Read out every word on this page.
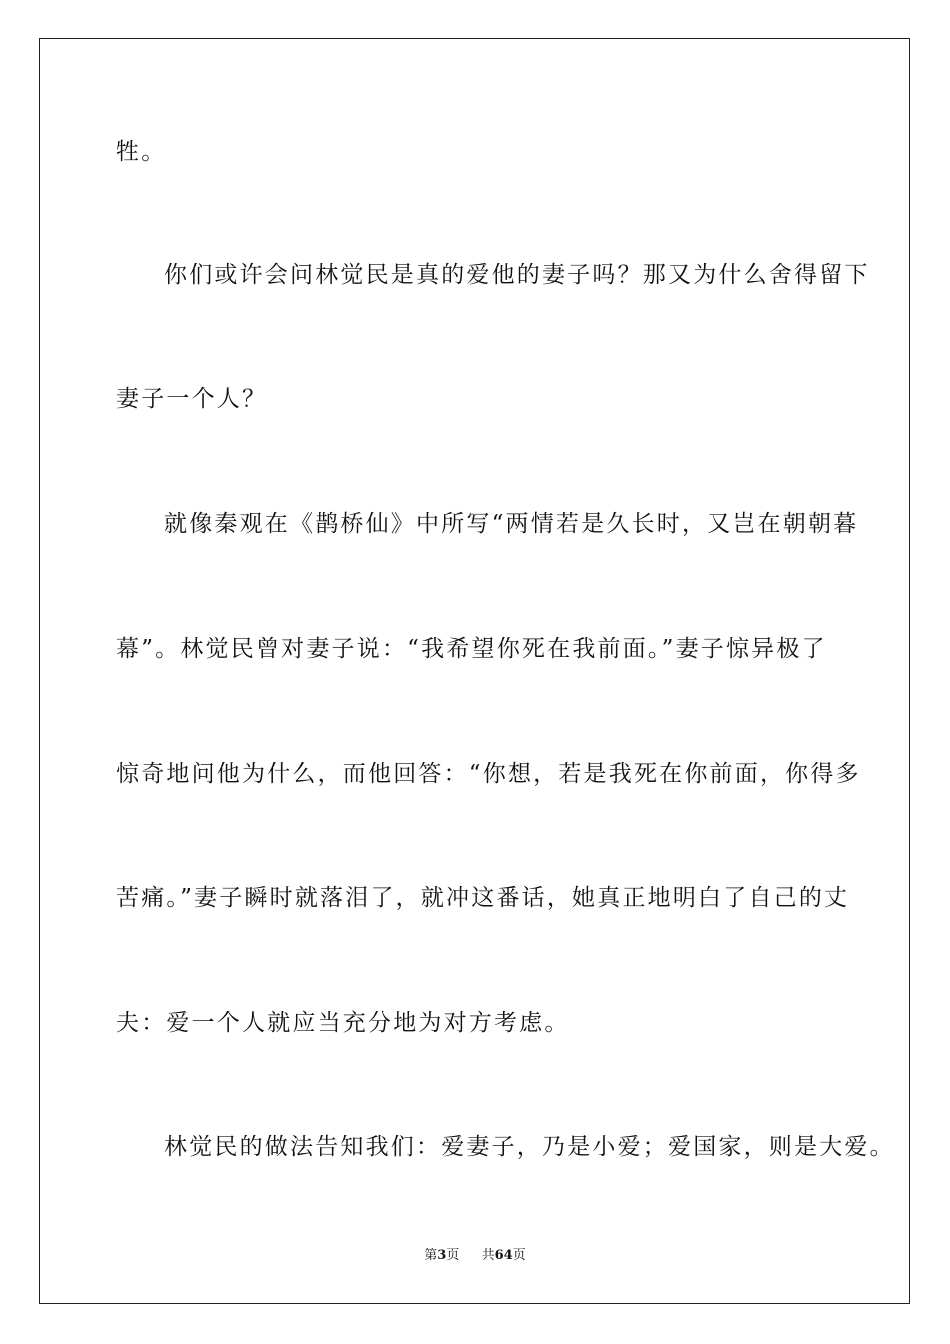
牲。
你们或许会问林觉民是真的爱他的妻子吗？那又为什么舍得留下
妻子一个人？
就像秦观在《鹊桥仙》中所写“两情若是久长时，又岂在朝朝暮
幕”。林觉民曾对妻子说：“我希望你死在我前面。”妻子惊异极了
惊奇地问他为什么，而他回答：“你想，若是我死在你前面，你得多
苦痛。”妻子瞬时就落泪了，就冲这番话，她真正地明白了自己的丈
夫：爱一个人就应当充分地为对方考虑。
林觉民的做法告知我们：爱妻子，乃是小爱；爱国家，则是大爱。
第3页 共64页
